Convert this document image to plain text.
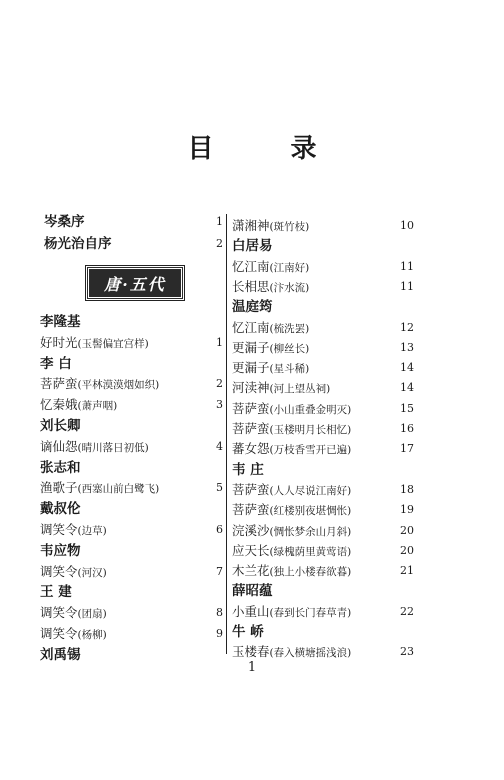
目 录
唐·五代
1
岑桑序	1
杨光治自序	2
李隆基
好时光(玉髻偏宜宫样)	1
李 白
菩萨蛮(平林漠漠烟如织)	2
忆秦娥(萧声咽)	3
刘长卿
谪仙怨(晴川落日初低)	4
张志和
渔歌子(西塞山前白鹭飞)	5
戴叔伦
调笑令(边草)	6
韦应物
调笑令(河汉)	7
王 建
调笑令(团扇)	8
调笑令(杨柳)	9
刘禹锡
潇湘神(斑竹枝)	10
白居易
忆江南(江南好)	11
长相思(汴水流)	11
温庭筠
忆江南(梳洗罢)	12
更漏子(柳丝长)	13
更漏子(星斗稀)	14
河渎神(河上望丛祠)	14
菩萨蛮(小山重叠金明灭)	15
菩萨蛮(玉楼明月长相忆)	16
蕃女怨(万枝香雪开已遍)	17
韦 庄
菩萨蛮(人人尽说江南好)	18
菩萨蛮(红楼别夜堪惆怅)	19
浣溪沙(惆怅梦余山月斜)	20
应天长(绿槐荫里黄莺语)	20
木兰花(独上小楼春欲暮)	21
薛昭蕴
小重山(春到长门春草青)	22
牛 峤
玉楼春(春入横塘摇浅浪)	23
